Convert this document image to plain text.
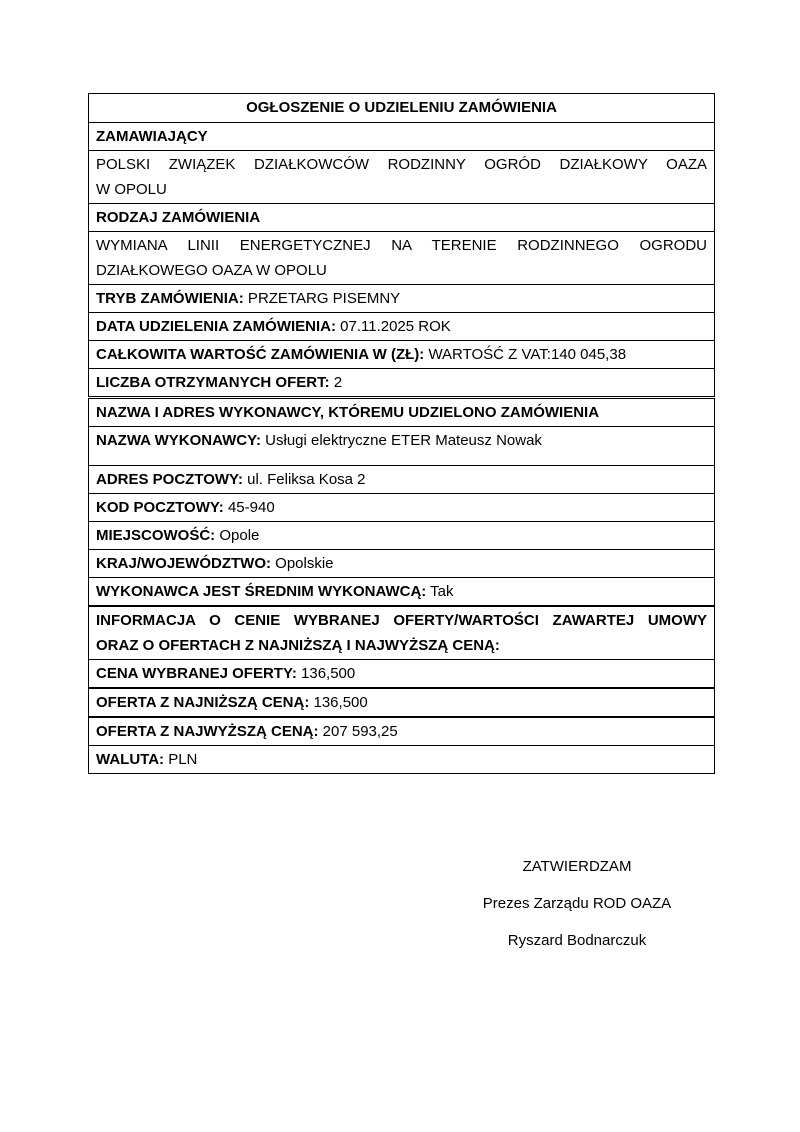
OGŁOSZENIE O UDZIELENIU ZAMÓWIENIA
ZAMAWIAJĄCY
POLSKI ZWIĄZEK DZIAŁKOWCÓW RODZINNY OGRÓD DZIAŁKOWY OAZA
W OPOLU
RODZAJ ZAMÓWIENIA
WYMIANA LINII ENERGETYCZNEJ NA TERENIE RODZINNEGO OGRODU
DZIAŁKOWEGO OAZA W OPOLU
TRYB ZAMÓWIENIA: PRZETARG PISEMNY
DATA UDZIELENIA ZAMÓWIENIA: 07.11.2025 ROK
CAŁKOWITA WARTOŚĆ ZAMÓWIENIA W (ZŁ): WARTOŚĆ Z VAT:140 045,38
LICZBA OTRZYMANYCH OFERT: 2
NAZWA I ADRES WYKONAWCY, KTÓREMU UDZIELONO ZAMÓWIENIA
NAZWA WYKONAWCY: Usługi elektryczne ETER Mateusz Nowak
ADRES POCZTOWY: ul. Feliksa Kosa 2
KOD POCZTOWY: 45-940
MIEJSCOWOŚĆ: Opole
KRAJ/WOJEWÓDZTWO: Opolskie
WYKONAWCA JEST ŚREDNIM WYKONAWCĄ: Tak
INFORMACJA O CENIE WYBRANEJ OFERTY/WARTOŚCI ZAWARTEJ UMOWY
ORAZ O OFERTACH Z NAJNIŻSZĄ I NAJWYŻSZĄ CENĄ:
CENA WYBRANEJ OFERTY: 136,500
OFERTA Z NAJNIŻSZĄ CENĄ: 136,500
OFERTA Z NAJWYŻSZĄ CENĄ: 207 593,25
WALUTA: PLN
ZATWIERDZAM
Prezes Zarządu ROD OAZA
Ryszard Bodnarczuk
